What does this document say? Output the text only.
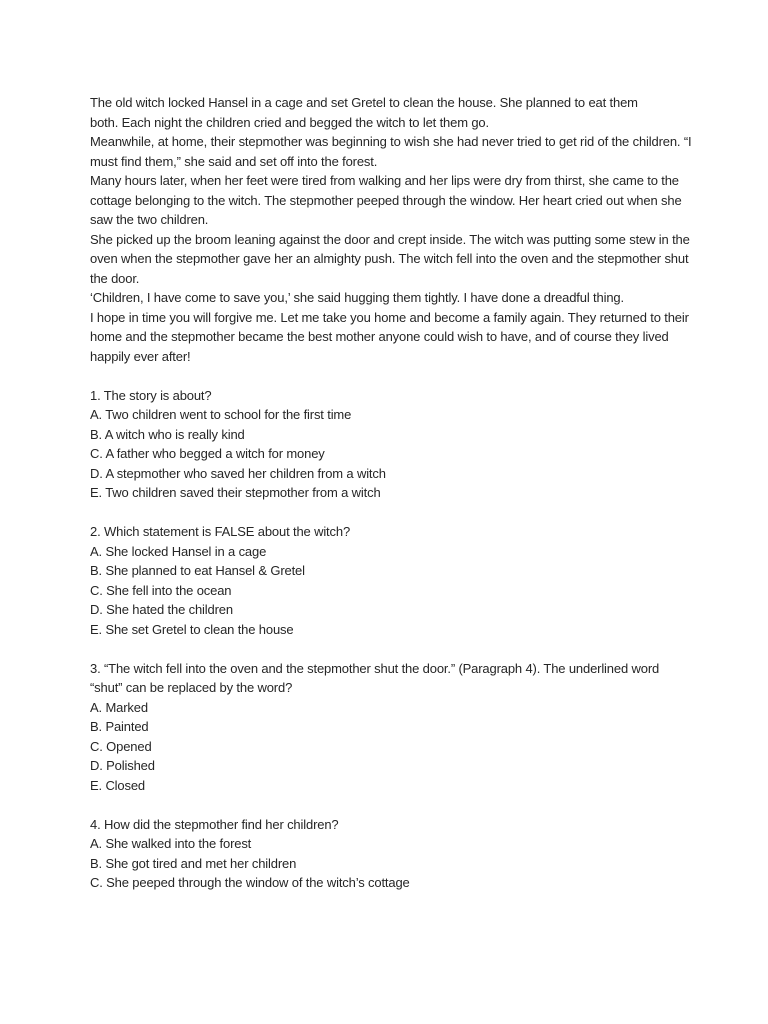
The old witch locked Hansel in a cage and set Gretel to clean the house. She planned to eat them
both. Each night the children cried and begged the witch to let them go.
Meanwhile, at home, their stepmother was beginning to wish she had never tried to get rid of the children. “I
must find them,” she said and set off into the forest.
Many hours later, when her feet were tired from walking and her lips were dry from thirst, she came to the
cottage belonging to the witch. The stepmother peeped through the window. Her heart cried out when she
saw the two children.
She picked up the broom leaning against the door and crept inside. The witch was putting some stew in the
oven when the stepmother gave her an almighty push. The witch fell into the oven and the stepmother shut
the door.
‘Children, I have come to save you,’ she said hugging them tightly. I have done a dreadful thing.
I hope in time you will forgive me. Let me take you home and become a family again. They returned to their
home and the stepmother became the best mother anyone could wish to have, and of course they lived
happily ever after!
1. The story is about?
A. Two children went to school for the first time
B. A witch who is really kind
C. A father who begged a witch for money
D. A stepmother who saved her children from a witch
E. Two children saved their stepmother from a witch
2. Which statement is FALSE about the witch?
A. She locked Hansel in a cage
B. She planned to eat Hansel & Gretel
C. She fell into the ocean
D. She hated the children
E. She set Gretel to clean the house
3. “The witch fell into the oven and the stepmother shut the door.” (Paragraph 4). The underlined word
“shut” can be replaced by the word?
A. Marked
B. Painted
C. Opened
D. Polished
E. Closed
4. How did the stepmother find her children?
A. She walked into the forest
B. She got tired and met her children
C. She peeped through the window of the witch’s cottage
